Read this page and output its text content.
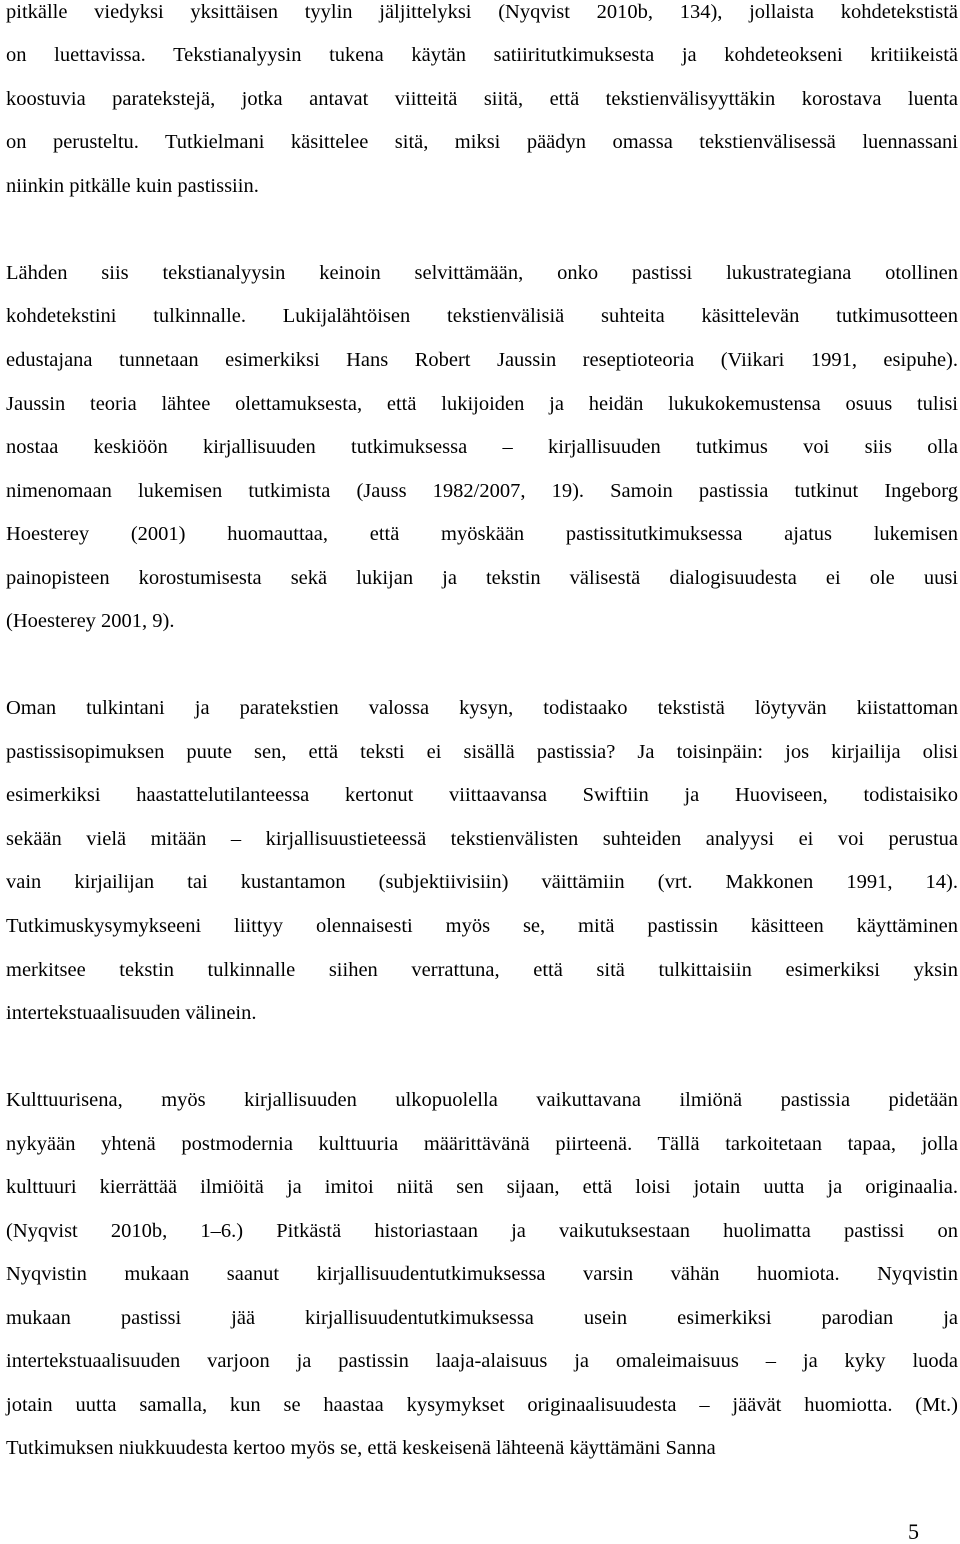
pitkälle viedyksi yksittäisen tyylin jäljittelyksi (Nyqvist 2010b, 134), jollaista kohdetekstistä
on luettavissa. Tekstianalyysin tukena käytän satiiritutkimuksesta ja kohdeteokseni kritiikeistä
koostuvia paratekstejä, jotka antavat viitteitä siitä, että tekstienvälisyyttäkin korostava luenta
on perusteltu. Tutkielmani käsittelee sitä, miksi päädyn omassa tekstienvälisessä luennassani
niinkin pitkälle kuin pastissiin.
Lähden siis tekstianalyysin keinoin selvittämään, onko pastissi lukustrategiana otollinen
kohdetekstini tulkinnalle. Lukijalähtöisen tekstienvälisiä suhteita käsittelevän tutkimusotteen
edustajana tunnetaan esimerkiksi Hans Robert Jaussin reseptioteoria (Viikari 1991, esipuhe).
Jaussin teoria lähtee olettamuksesta, että lukijoiden ja heidän lukukokemustensa osuus tulisi
nostaa keskiöön kirjallisuuden tutkimuksessa – kirjallisuuden tutkimus voi siis olla
nimenomaan lukemisen tutkimista (Jauss 1982/2007, 19). Samoin pastissia tutkinut Ingeborg
Hoesterey (2001) huomauttaa, että myöskään pastissitutkimuksessa ajatus lukemisen
painopisteen korostumisesta sekä lukijan ja tekstin välisestä dialogisuudesta ei ole uusi
(Hoesterey 2001, 9).
Oman tulkintani ja paratekstien valossa kysyn, todistaako tekstistä löytyvän kiistattoman
pastissisopimuksen puute sen, että teksti ei sisällä pastissia? Ja toisinpäin: jos kirjailija olisi
esimerkiksi haastattelutilanteessa kertonut viittaavansa Swiftiin ja Huoviseen, todistaisiko
sekään vielä mitään – kirjallisuustieteessä tekstienvälisten suhteiden analyysi ei voi perustua
vain kirjailijan tai kustantamon (subjektiivisiin) väittämiin (vrt. Makkonen 1991, 14).
Tutkimuskysymykseeni liittyy olennaisesti myös se, mitä pastissin käsitteen käyttäminen
merkitsee tekstin tulkinnalle siihen verrattuna, että sitä tulkittaisiin esimerkiksi yksin
intertekstuaalisuuden välinein.
Kulttuurisena, myös kirjallisuuden ulkopuolella vaikuttavana ilmiönä pastissia pidetään
nykyään yhtenä postmodernia kulttuuria määrittävänä piirteenä. Tällä tarkoitetaan tapaa, jolla
kulttuuri kierrättää ilmiöitä ja imitoi niitä sen sijaan, että loisi jotain uutta ja originaalia.
(Nyqvist 2010b, 1–6.) Pitkästä historiastaan ja vaikutuksestaan huolimatta pastissi on
Nyqvistin mukaan saanut kirjallisuudentutkimuksessa varsin vähän huomiota. Nyqvistin
mukaan pastissi jää kirjallisuudentutkimuksessa usein esimerkiksi parodian ja
intertekstuaalisuuden varjoon ja pastissin laaja-alaisuus ja omaleimaisuus – ja kyky luoda
jotain uutta samalla, kun se haastaa kysymykset originaalisuudesta – jäävät huomiotta. (Mt.)
Tutkimuksen niukkuudesta kertoo myös se, että keskeisenä lähteenä käyttämäni Sanna
5
